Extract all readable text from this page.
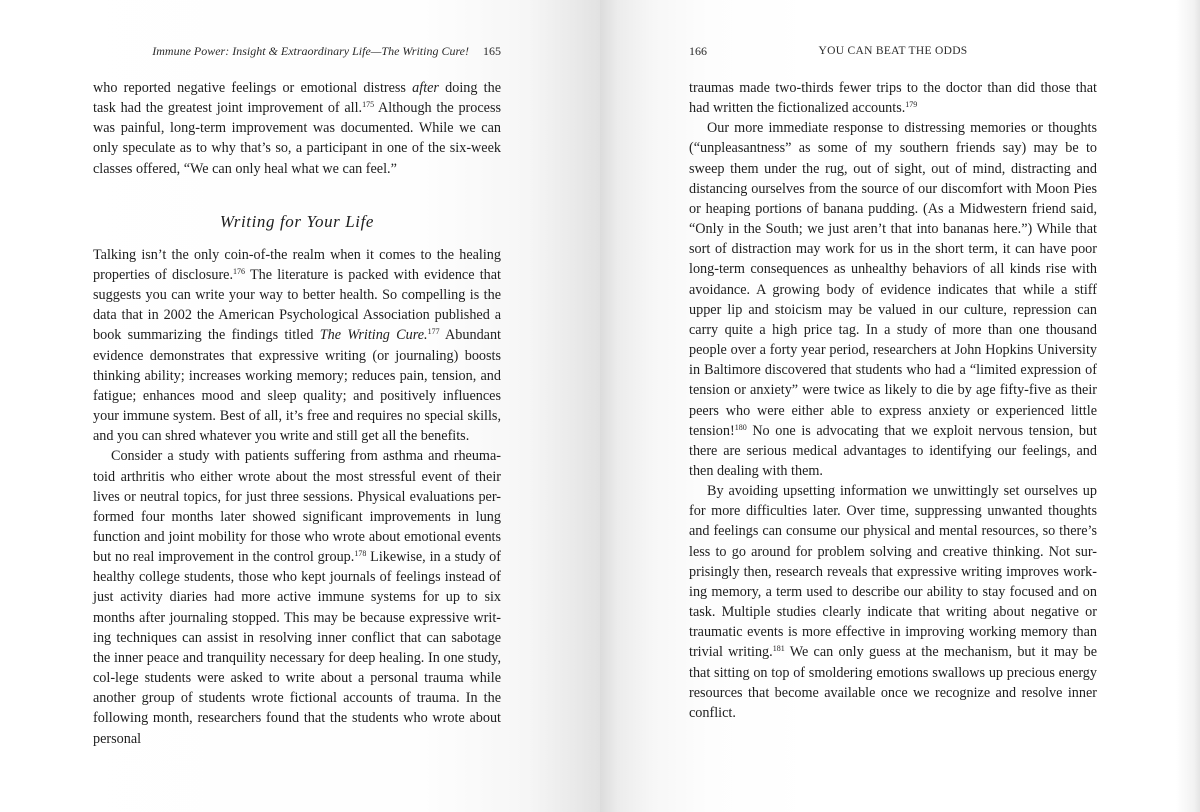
Immune Power: Insight & Extraordinary Life—The Writing Cure! 165

who reported negative feelings or emotional distress after doing the task had the greatest joint improvement of all.$^{175}$ Although the process was painful, long-term improvement was documented. While we can only speculate as to why that’s so, a participant in one of the six-week classes offered, “We can only heal what we can feel.”

Writing for Your Life

Talking isn’t the only coin-of-the realm when it comes to the healing properties of disclosure.$^{176}$ The literature is packed with evidence that suggests you can write your way to better health. So compelling is the data that in 2002 the American Psychological Association published a book summarizing the findings titled The Writing Cure.$^{177}$ Abundant evidence demonstrates that expressive writing (or journaling) boosts thinking ability; increases working memory; reduces pain, tension, and fatigue; enhances mood and sleep quality; and positively influences your immune system. Best of all, it’s free and requires no special skills, and you can shred whatever you write and still get all the benefits.

Consider a study with patients suffering from asthma and rheuma-toid arthritis who either wrote about the most stressful event of their lives or neutral topics, for just three sessions. Physical evaluations per-formed four months later showed significant improvements in lung function and joint mobility for those who wrote about emotional events but no real improvement in the control group.$^{178}$ Likewise, in a study of healthy college students, those who kept journals of feelings instead of just activity diaries had more active immune systems for up to six months after journaling stopped. This may be because expressive writ-ing techniques can assist in resolving inner conflict that can sabotage the inner peace and tranquility necessary for deep healing. In one study, col-lege students were asked to write about a personal trauma while another group of students wrote fictional accounts of trauma. In the following month, researchers found that the students who wrote about personal

166	YOU CAN BEAT THE ODDS

traumas made two-thirds fewer trips to the doctor than did those that had written the fictionalized accounts.$^{179}$

Our more immediate response to distressing memories or thoughts (“unpleasantness” as some of my southern friends say) may be to sweep them under the rug, out of sight, out of mind, distracting and distancing ourselves from the source of our discomfort with Moon Pies or heaping portions of banana pudding. (As a Midwestern friend said, “Only in the South; we just aren’t that into bananas here.”) While that sort of distraction may work for us in the short term, it can have poor long-term consequences as unhealthy behaviors of all kinds rise with avoidance. A growing body of evidence indicates that while a stiff upper lip and stoicism may be valued in our culture, repression can carry quite a high price tag. In a study of more than one thousand people over a forty year period, researchers at John Hopkins University in Baltimore discovered that students who had a “limited expression of tension or anxiety” were twice as likely to die by age fifty-five as their peers who were either able to express anxiety or experienced little tension!$^{180}$ No one is advocating that we exploit nervous tension, but there are serious medical advantages to identifying our feelings, and then dealing with them.

By avoiding upsetting information we unwittingly set ourselves up for more difficulties later. Over time, suppressing unwanted thoughts and feelings can consume our physical and mental resources, so there’s less to go around for problem solving and creative thinking. Not sur-prisingly then, research reveals that expressive writing improves work-ing memory, a term used to describe our ability to stay focused and on task. Multiple studies clearly indicate that writing about negative or traumatic events is more effective in improving working memory than trivial writing.$^{181}$ We can only guess at the mechanism, but it may be that sitting on top of smoldering emotions swallows up precious energy resources that become available once we recognize and resolve inner conflict.
